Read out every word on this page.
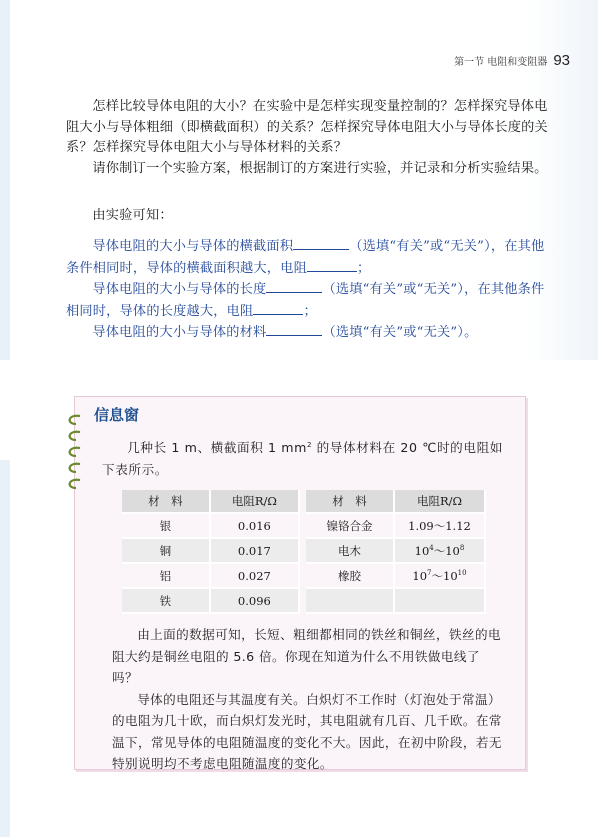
第一节 电阻和变阻器 93

怎样比较导体电阻的大小？在实验中是怎样实现变量控制的？怎样探究导体电阻大小与导体粗细（即横截面积）的关系？怎样探究导体电阻大小与导体长度的关系？怎样探究导体电阻大小与导体材料的关系？

请你制订一个实验方案，根据制订的方案进行实验，并记录和分析实验结果。

由实验可知：

导体电阻的大小与导体的横截面积	（选填“有关”或“无关”），在其他条件相同时，导体的横截面积越大，电阻	；

导体电阻的大小与导体的长度	（选填“有关”或“无关”），在其他条件相同时，导体的长度越大，电阻	；

导体电阻的大小与导体的材料	（选填“有关”或“无关”）。

信息窗

几种长 1 m、横截面积 1 $mm^2$ 的导体材料在 20 ℃时的电阻如下表所示。

材　料	电阻R/Ω
银	0.016
铜	0.017
铝	0.027
铁	0.096
材　料	电阻R/Ω
镍铬合金	1.09～1.12
电木	$10^4\sim 10^8$
橡胶	$10^7\sim 10^{10}$

由上面的数据可知，长短、粗细都相同的铁丝和铜丝，铁丝的电阻大约是铜丝电阻的 5.6 倍。你现在知道为什么不用铁做电线了吗？

导体的电阻还与其温度有关。白炽灯不工作时（灯泡处于常温）的电阻为几十欧，而白炽灯发光时，其电阻就有几百、几千欧。在常温下，常见导体的电阻随温度的变化不大。因此，在初中阶段，若无特别说明均不考虑电阻随温度的变化。
